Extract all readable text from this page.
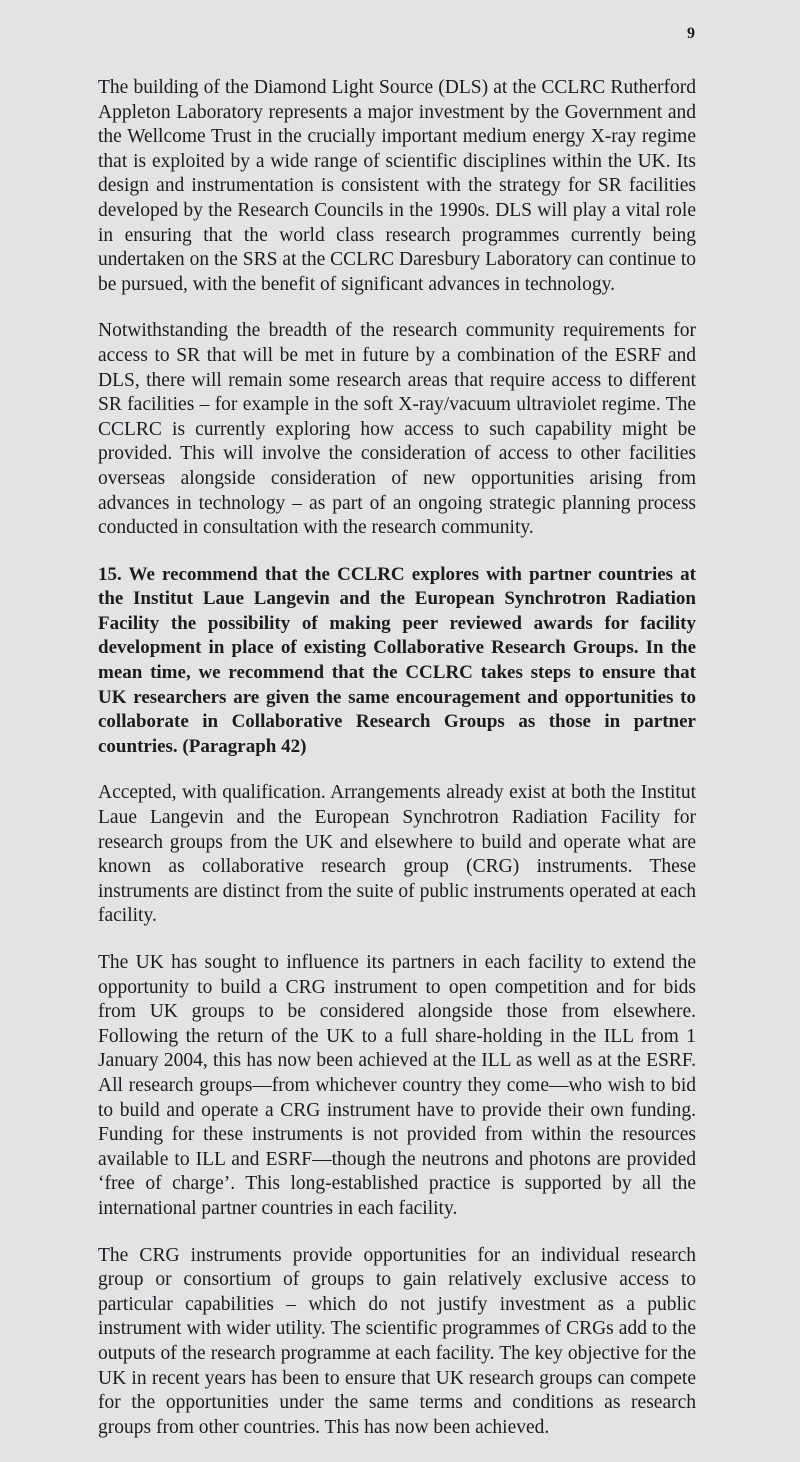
9

The building of the Diamond Light Source (DLS) at the CCLRC Rutherford Appleton Laboratory represents a major investment by the Government and the Wellcome Trust in the crucially important medium energy X-ray regime that is exploited by a wide range of scientific disciplines within the UK. Its design and instrumentation is consistent with the strategy for SR facilities developed by the Research Councils in the 1990s. DLS will play a vital role in ensuring that the world class research programmes currently being undertaken on the SRS at the CCLRC Daresbury Laboratory can continue to be pursued, with the benefit of significant advances in technology.

Notwithstanding the breadth of the research community requirements for access to SR that will be met in future by a combination of the ESRF and DLS, there will remain some research areas that require access to different SR facilities – for example in the soft X-ray/vacuum ultraviolet regime. The CCLRC is currently exploring how access to such capability might be provided. This will involve the consideration of access to other facilities overseas alongside consideration of new opportunities arising from advances in technology – as part of an ongoing strategic planning process conducted in consultation with the research community.

15. We recommend that the CCLRC explores with partner countries at the Institut Laue Langevin and the European Synchrotron Radiation Facility the possibility of making peer reviewed awards for facility development in place of existing Collaborative Research Groups. In the mean time, we recommend that the CCLRC takes steps to ensure that UK researchers are given the same encouragement and opportunities to collaborate in Collaborative Research Groups as those in partner countries. (Paragraph 42)

Accepted, with qualification. Arrangements already exist at both the Institut Laue Langevin and the European Synchrotron Radiation Facility for research groups from the UK and elsewhere to build and operate what are known as collaborative research group (CRG) instruments. These instruments are distinct from the suite of public instruments operated at each facility.

The UK has sought to influence its partners in each facility to extend the opportunity to build a CRG instrument to open competition and for bids from UK groups to be considered alongside those from elsewhere. Following the return of the UK to a full share-holding in the ILL from 1 January 2004, this has now been achieved at the ILL as well as at the ESRF. All research groups—from whichever country they come—who wish to bid to build and operate a CRG instrument have to provide their own funding. Funding for these instruments is not provided from within the resources available to ILL and ESRF—though the neutrons and photons are provided ‘free of charge’. This long-established practice is supported by all the international partner countries in each facility.

The CRG instruments provide opportunities for an individual research group or consortium of groups to gain relatively exclusive access to particular capabilities – which do not justify investment as a public instrument with wider utility. The scientific programmes of CRGs add to the outputs of the research programme at each facility. The key objective for the UK in recent years has been to ensure that UK research groups can compete for the opportunities under the same terms and conditions as research groups from other countries. This has now been achieved.
